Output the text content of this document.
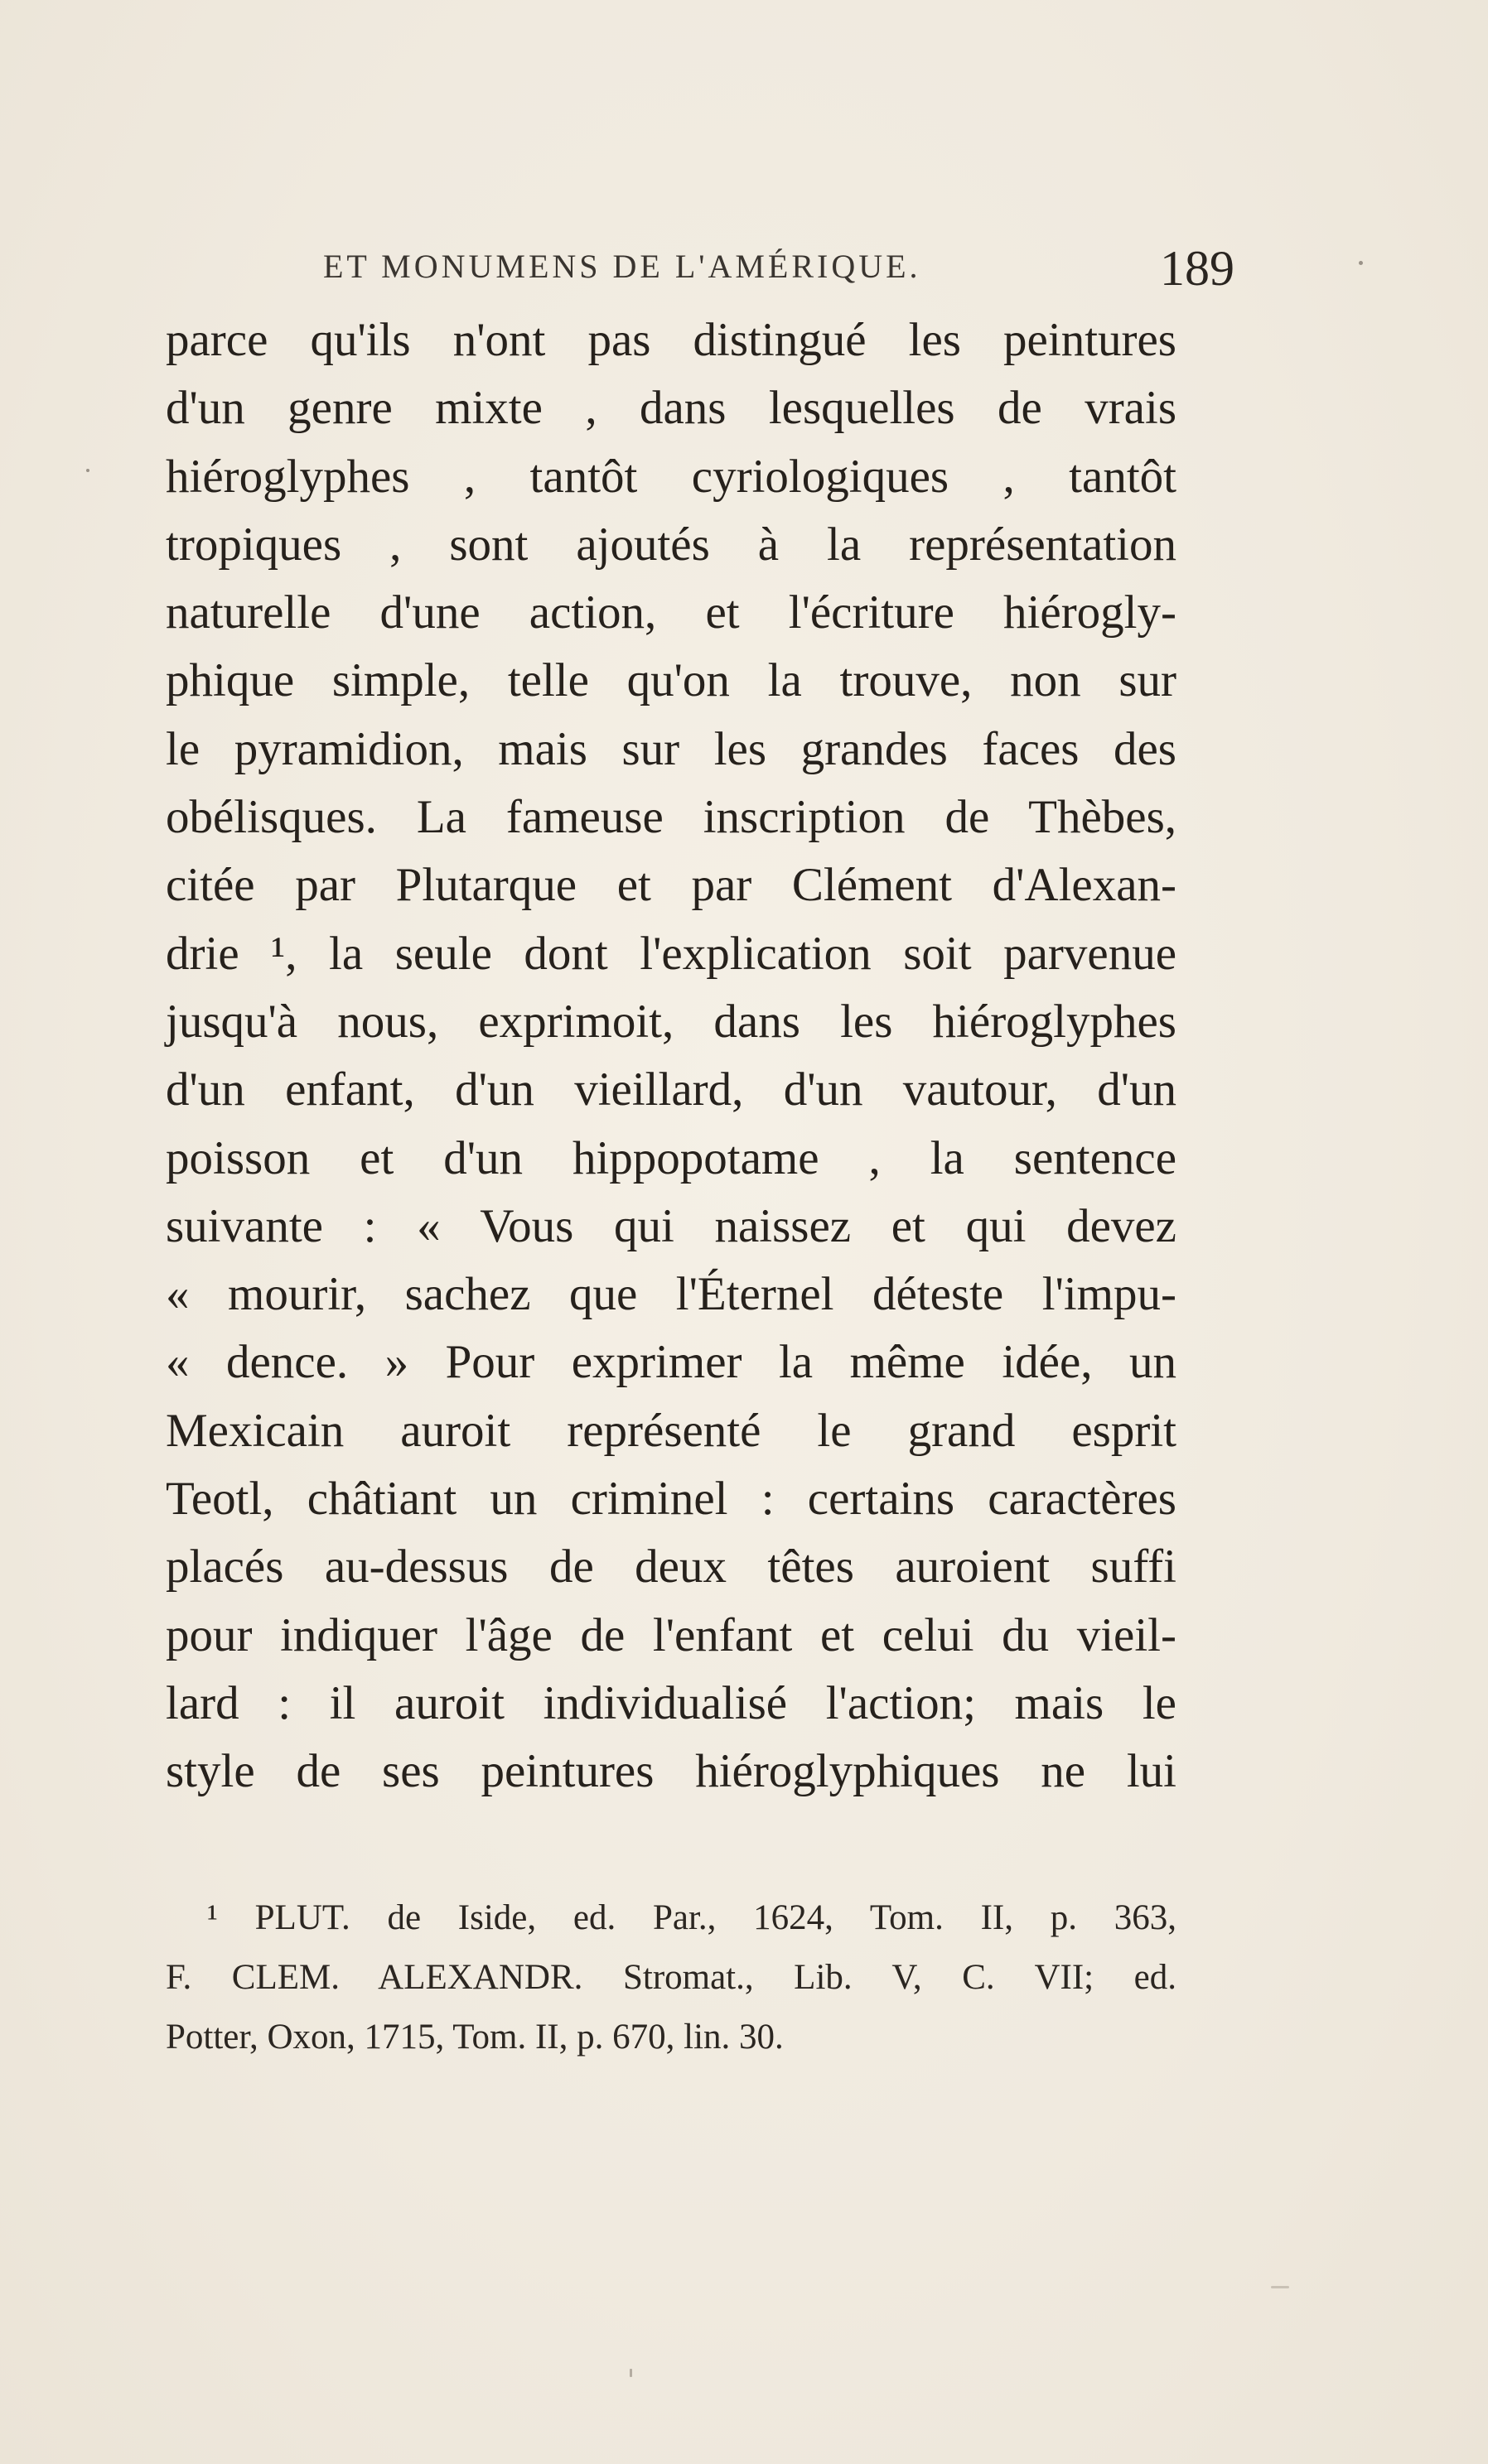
ET MONUMENS DE L'AMÉRIQUE.	189
parce qu'ils n'ont pas distingué les peintures
d'un genre mixte , dans lesquelles de vrais
hiéroglyphes , tantôt cyriologiques , tantôt
tropiques , sont ajoutés à la représentation
naturelle d'une action, et l'écriture hiérogly-
phique simple, telle qu'on la trouve, non sur
le pyramidion, mais sur les grandes faces des
obélisques. La fameuse inscription de Thèbes,
citée par Plutarque et par Clément d'Alexan-
drie ¹, la seule dont l'explication soit parvenue
jusqu'à nous, exprimoit, dans les hiéroglyphes
d'un enfant, d'un vieillard, d'un vautour, d'un
poisson et d'un hippopotame , la sentence
suivante : « Vous qui naissez et qui devez
« mourir, sachez que l'Éternel déteste l'impu-
« dence. » Pour exprimer la même idée, un
Mexicain auroit représenté le grand esprit
Teotl, châtiant un criminel : certains caractères
placés au-dessus de deux têtes auroient suffi
pour indiquer l'âge de l'enfant et celui du vieil-
lard : il auroit individualisé l'action; mais le
style de ses peintures hiéroglyphiques ne lui
¹ PLUT. de Iside, ed. Par., 1624, Tom. II, p. 363,
F. CLEM. ALEXANDR. Stromat., Lib. V, C. VII; ed.
Potter, Oxon, 1715, Tom. II, p. 670, lin. 30.
